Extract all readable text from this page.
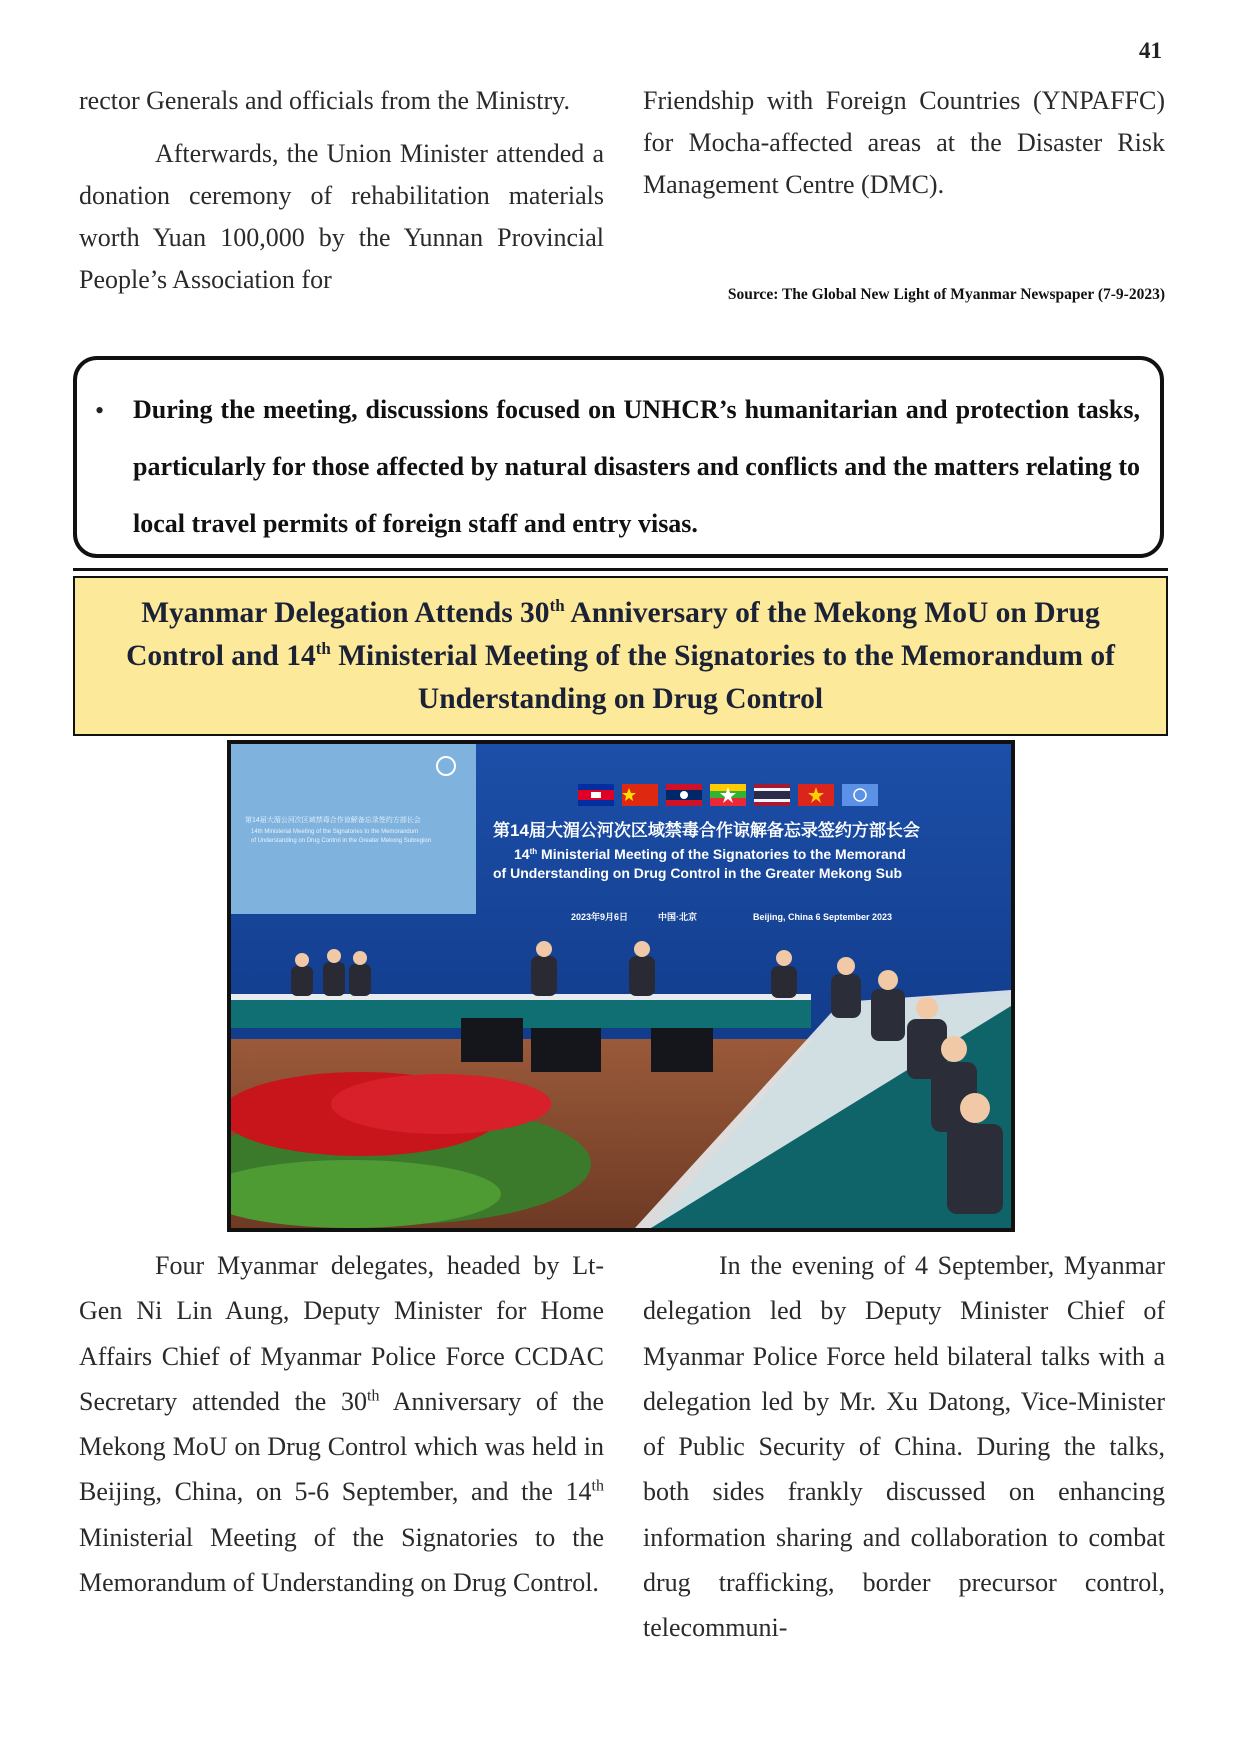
41

rector Generals and officials from the Ministry.

Afterwards, the Union Minister attended a donation ceremony of rehabilitation materials worth Yuan 100,000 by the Yunnan Provincial People’s Association for

Friendship with Foreign Countries (YNPAFFC) for Mocha-affected areas at the Disaster Risk Management Centre (DMC).

Source: The Global New Light of Myanmar Newspaper (7-9-2023)
• During the meeting, discussions focused on UNHCR’s humanitarian and protection tasks, particularly for those affected by natural disasters and conflicts and the matters relating to local travel permits of foreign staff and entry visas.
Myanmar Delegation Attends 30th Anniversary of the Mekong MoU on Drug Control and 14th Ministerial Meeting of the Signatories to the Memorandum of Understanding on Drug Control
第14届大湄公河次区域禁毒合作谅解备忘录签约方部长会
14th Ministerial Meeting of the Signatories to the Memorandum
of Understanding on Drug Control in the Greater Mekong Subregion
第14届大湄公河次区域禁毒合作谅解备忘录签约方部长会
14th Ministerial Meeting of the Signatories to the Memorand
of Understanding on Drug Control in the Greater Mekong Sub
2023年9月6日	中国·北京	Beijing, China 6 September 2023

Four Myanmar delegates, headed by Lt-Gen Ni Lin Aung, Deputy Minister for Home Affairs Chief of Myanmar Police Force CCDAC Secretary attended the 30th Anniversary of the Mekong MoU on Drug Control which was held in Beijing, China, on 5-6 September, and the 14th Ministerial Meeting of the Signatories to the Memorandum of Understanding on Drug Control.

In the evening of 4 September, Myanmar delegation led by Deputy Minister Chief of Myanmar Police Force held bilateral talks with a delegation led by Mr. Xu Datong, Vice-Minister of Public Security of China. During the talks, both sides frankly discussed on enhancing information sharing and collaboration to combat drug trafficking, border precursor control, telecommuni-
